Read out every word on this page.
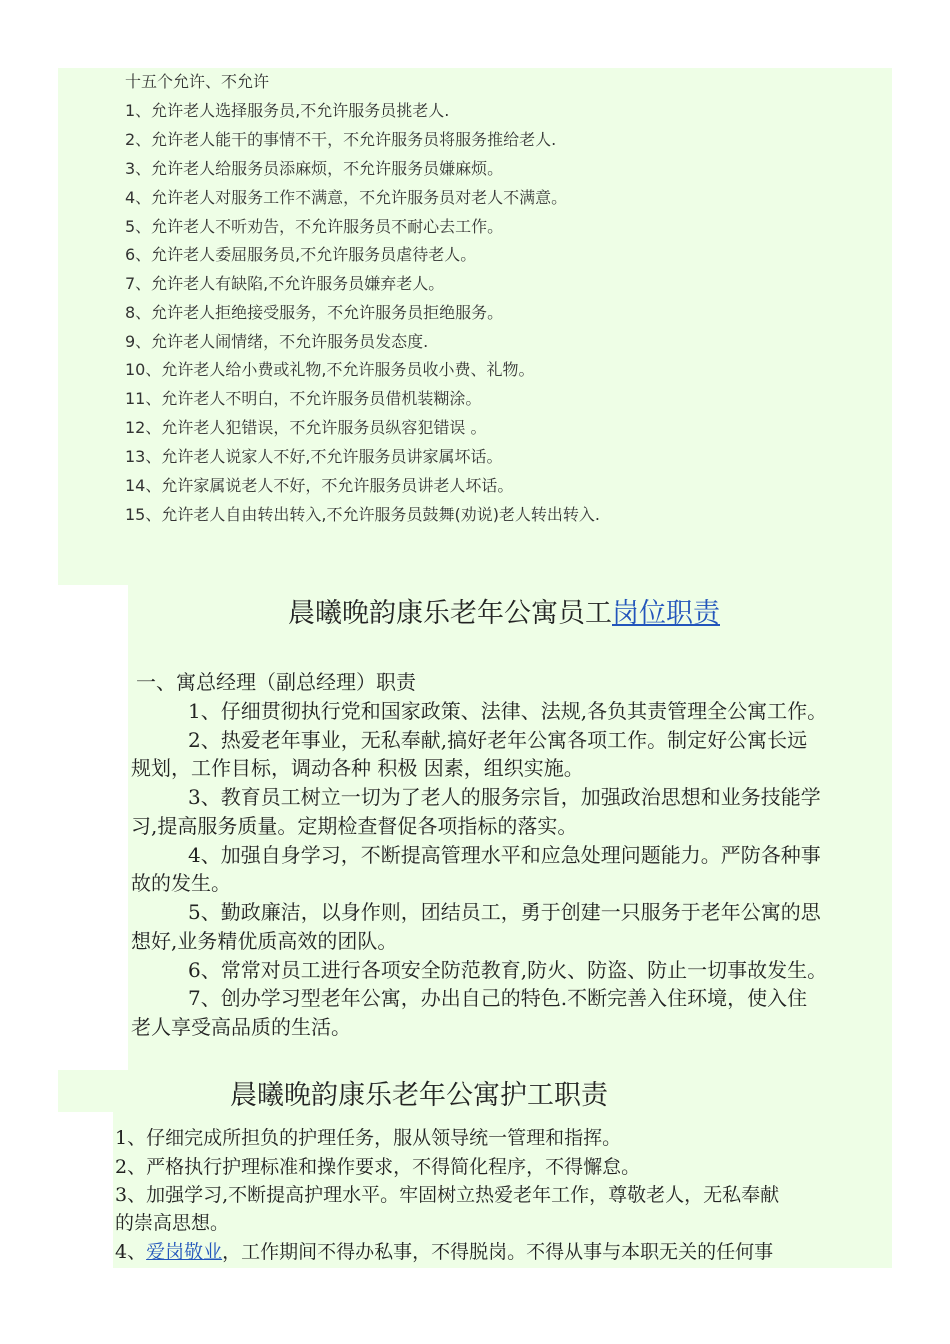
十五个允许、不允许
1、允许老人选择服务员,不允许服务员挑老人.
2、允许老人能干的事情不干，不允许服务员将服务推给老人.
3、允许老人给服务员添麻烦，不允许服务员嫌麻烦。
4、允许老人对服务工作不满意，不允许服务员对老人不满意。
5、允许老人不听劝告，不允许服务员不耐心去工作。
6、允许老人委屈服务员,不允许服务员虐待老人。
7、允许老人有缺陷,不允许服务员嫌弃老人。
8、允许老人拒绝接受服务，不允许服务员拒绝服务。
9、允许老人闹情绪，不允许服务员发态度.
10、允许老人给小费或礼物,不允许服务员收小费、礼物。
11、允许老人不明白，不允许服务员借机装糊涂。
12、允许老人犯错误，不允许服务员纵容犯错误 。
13、允许老人说家人不好,不允许服务员讲家属坏话。
14、允许家属说老人不好，不允许服务员讲老人坏话。
15、允许老人自由转出转入,不允许服务员鼓舞(劝说)老人转出转入.
晨曦晚韵康乐老年公寓员工岗位职责
一、寓总经理（副总经理）职责
1、仔细贯彻执行党和国家政策、法律、法规,各负其责管理全公寓工作。
2、热爱老年事业，无私奉献,搞好老年公寓各项工作。制定好公寓长远
规划，工作目标，调动各种 积极 因素，组织实施。
3、教育员工树立一切为了老人的服务宗旨，加强政治思想和业务技能学
习,提高服务质量。定期检查督促各项指标的落实。
4、加强自身学习，不断提高管理水平和应急处理问题能力。严防各种事
故的发生。
5、勤政廉洁，以身作则，团结员工，勇于创建一只服务于老年公寓的思
想好,业务精优质高效的团队。
6、常常对员工进行各项安全防范教育,防火、防盗、防止一切事故发生。
7、创办学习型老年公寓，办出自己的特色.不断完善入住环境，使入住
老人享受高品质的生活。
晨曦晚韵康乐老年公寓护工职责
1、仔细完成所担负的护理任务，服从领导统一管理和指挥。
2、严格执行护理标准和操作要求，不得简化程序，不得懈怠。
3、加强学习,不断提高护理水平。牢固树立热爱老年工作，尊敬老人，无私奉献
的崇高思想。
4、爱岗敬业，工作期间不得办私事，不得脱岗。不得从事与本职无关的任何事
